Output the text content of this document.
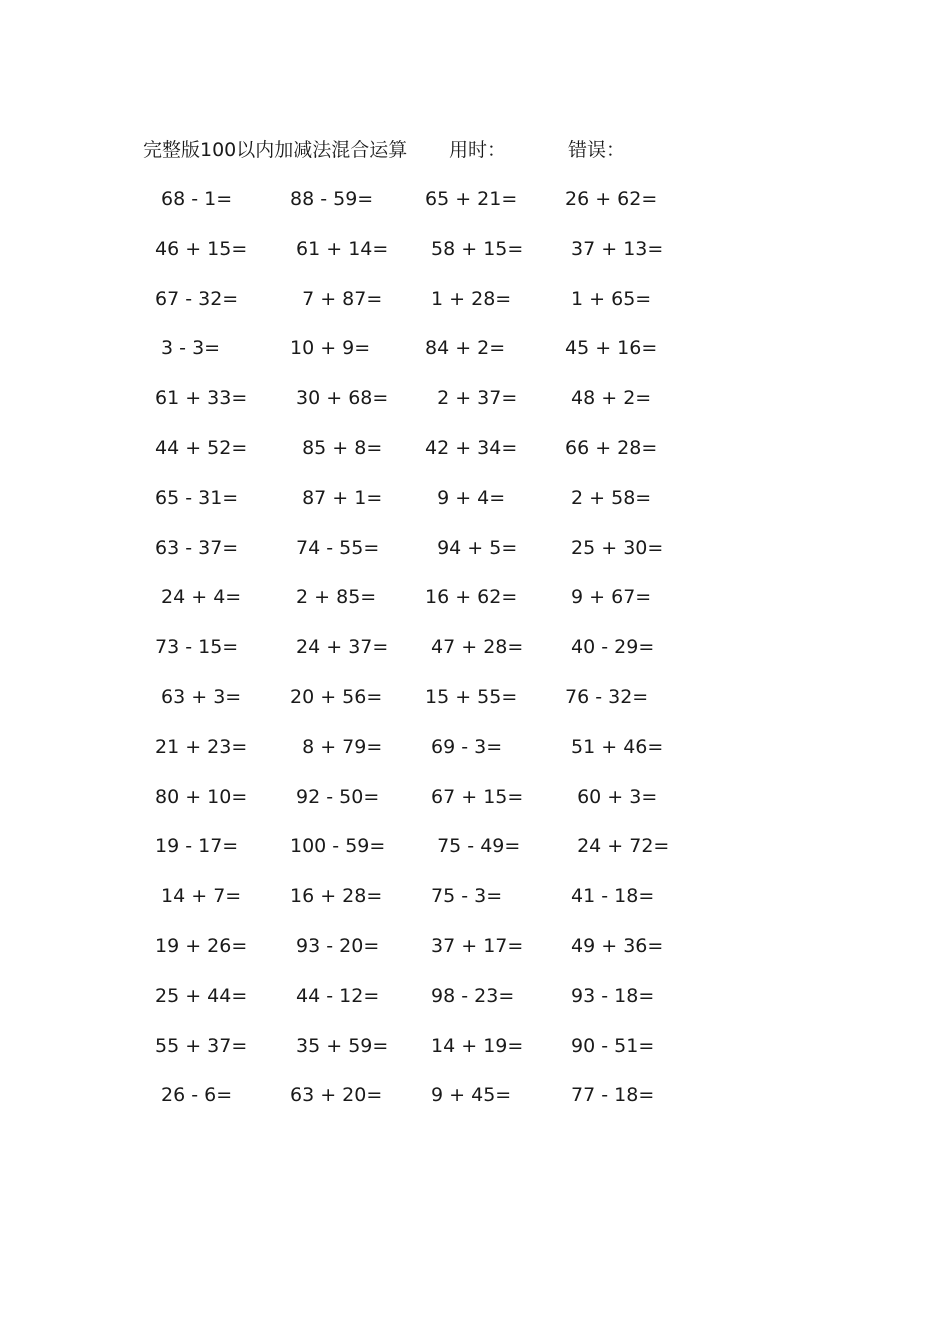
完整版100以内加减法混合运算 用时：	错误：
68 - 1=	88 - 59=	65 + 21=	26 + 62=
46 + 15= 61 + 14= 58 + 15= 37 + 13=
67 - 32=	7 + 87= 1 + 28=	1 + 65=
3 - 3=	10 + 9=	84 + 2=	45 + 16=
61 + 33= 30 + 68= 2 + 37=	48 + 2=
44 + 52= 85 + 8= 42 + 34=	66 + 28=
65 - 31=	87 + 1= 9 + 4=	2 + 58=
63 - 37=	74 - 55= 94 + 5=	25 + 30=
24 + 4=	2 + 85=	16 + 62=	9 + 67=
73 - 15=	24 + 37= 47 + 28= 40 - 29=
63 + 3=	20 + 56= 15 + 55=	76 - 32=
21 + 23= 8 + 79= 69 - 3=	51 + 46=
80 + 10= 92 - 50= 67 + 15= 60 + 3=
19 - 17=	100 - 59= 75 - 49= 24 + 72=
14 + 7=	16 + 28= 75 - 3=	41 - 18=
19 + 26= 93 - 20= 37 + 17= 49 + 36=
25 + 44= 44 - 12= 98 - 23=	93 - 18=
55 + 37= 35 + 59= 14 + 19= 90 - 51=
26 - 6=	63 + 20= 9 + 45=	77 - 18=
